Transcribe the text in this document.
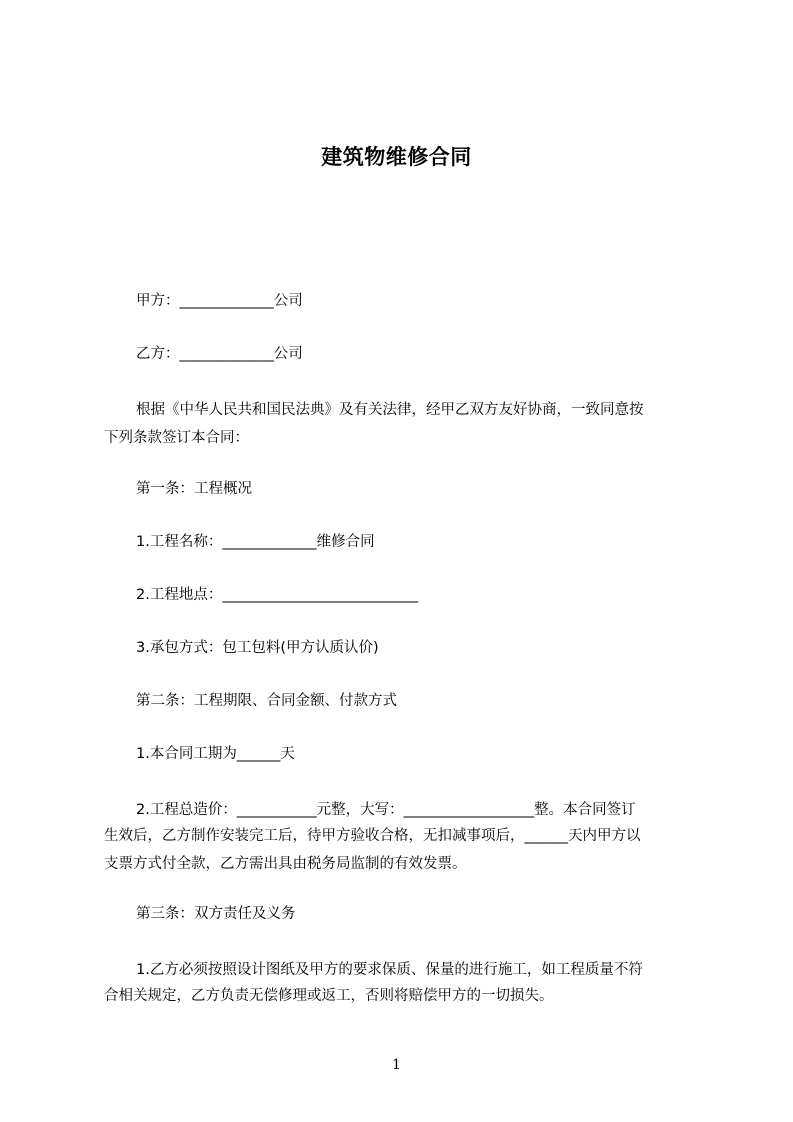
建筑物维修合同

甲方：_____________公司

乙方：_____________公司

根据《中华人民共和国民法典》及有关法律，经甲乙双方友好协商，一致同意按
下列条款签订本合同：

第一条：工程概况

1.工程名称：_____________维修合同

2.工程地点：___________________________

3.承包方式：包工包料(甲方认质认价)

第二条：工程期限、合同金额、付款方式

1.本合同工期为______天

2.工程总造价：___________元整，大写：__________________整。本合同签订
生效后，乙方制作安装完工后，待甲方验收合格，无扣减事项后，______天内甲方以
支票方式付全款，乙方需出具由税务局监制的有效发票。

第三条：双方责任及义务

1.乙方必须按照设计图纸及甲方的要求保质、保量的进行施工，如工程质量不符
合相关规定，乙方负责无偿修理或返工，否则将赔偿甲方的一切损失。
1
